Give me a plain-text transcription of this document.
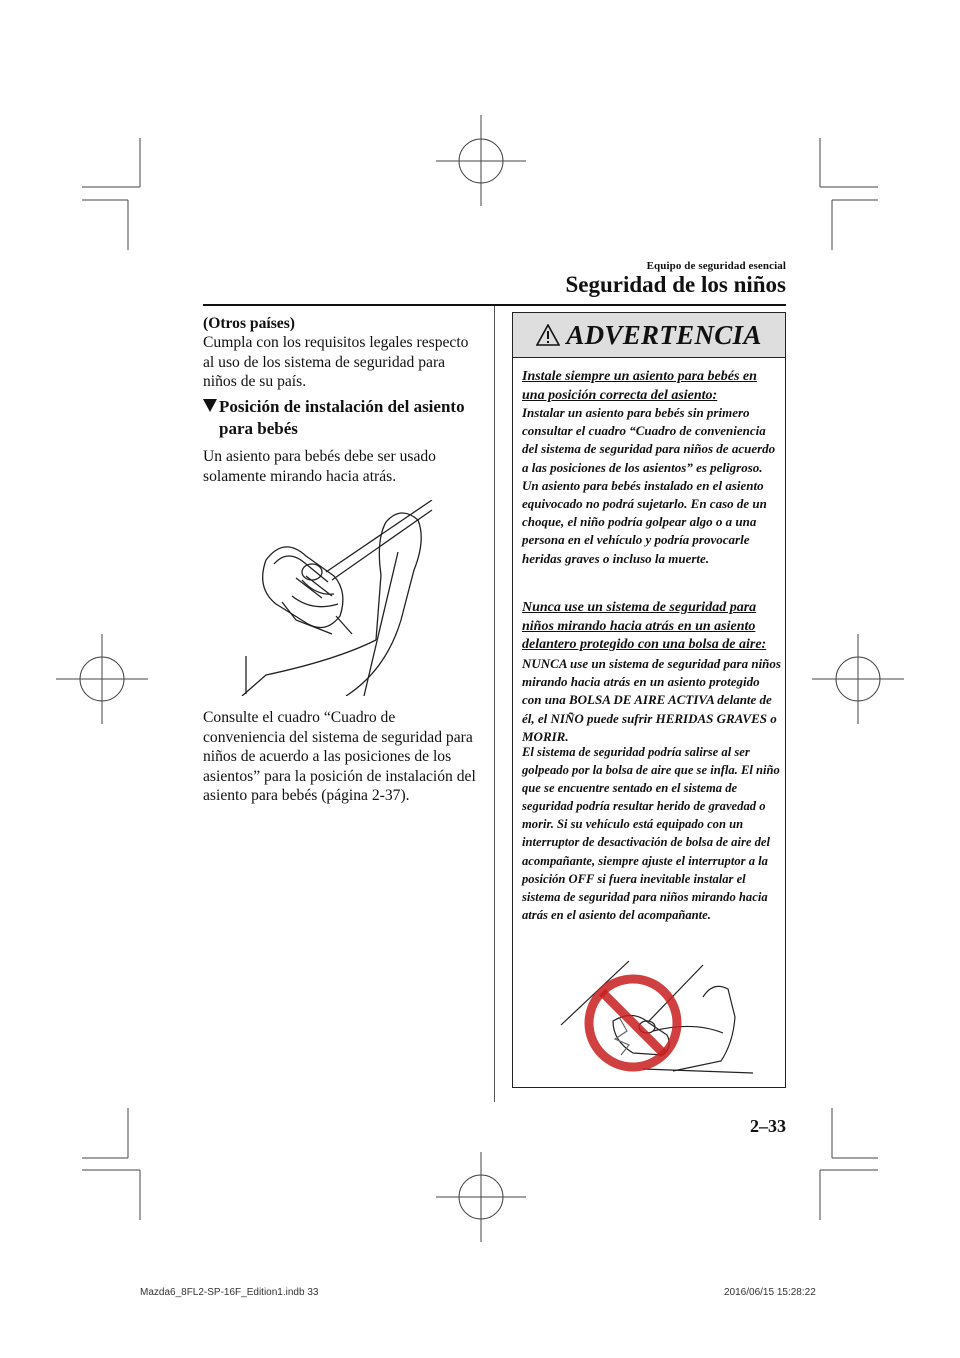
Equipo de seguridad esencial
Seguridad de los niños
(Otros países)
Cumpla con los requisitos legales respecto al uso de los sistema de seguridad para niños de su país.
Posición de instalación del asiento
para bebés
Un asiento para bebés debe ser usado solamente mirando hacia atrás.
Consulte el cuadro “Cuadro de conveniencia del sistema de seguridad para niños de acuerdo a las posiciones de los asientos” para la posición de instalación del asiento para bebés (página 2-37).
ADVERTENCIA
Instale siempre un asiento para bebés en una posición correcta del asiento:
Instalar un asiento para bebés sin primero consultar el cuadro “Cuadro de conveniencia del sistema de seguridad para niños de acuerdo a las posiciones de los asientos” es peligroso. Un asiento para bebés instalado en el asiento equivocado no podrá sujetarlo. En caso de un choque, el niño podría golpear algo o a una persona en el vehículo y podría provocarle heridas graves o incluso la muerte.
Nunca use un sistema de seguridad para niños mirando hacia atrás en un asiento delantero protegido con una bolsa de aire:
NUNCA use un sistema de seguridad para niños mirando hacia atrás en un asiento protegido con una BOLSA DE AIRE ACTIVA delante de él, el NIÑO puede sufrir HERIDAS GRAVES o MORIR.
El sistema de seguridad podría salirse al ser golpeado por la bolsa de aire que se infla. El niño que se encuentre sentado en el sistema de seguridad podría resultar herido de gravedad o morir. Si su vehículo está equipado con un interruptor de desactivación de bolsa de aire del acompañante, siempre ajuste el interruptor a la posición OFF si fuera inevitable instalar el sistema de seguridad para niños mirando hacia atrás en el asiento del acompañante.
2–33
Mazda6_8FL2-SP-16F_Edition1.indb 33	2016/06/15 15:28:22
